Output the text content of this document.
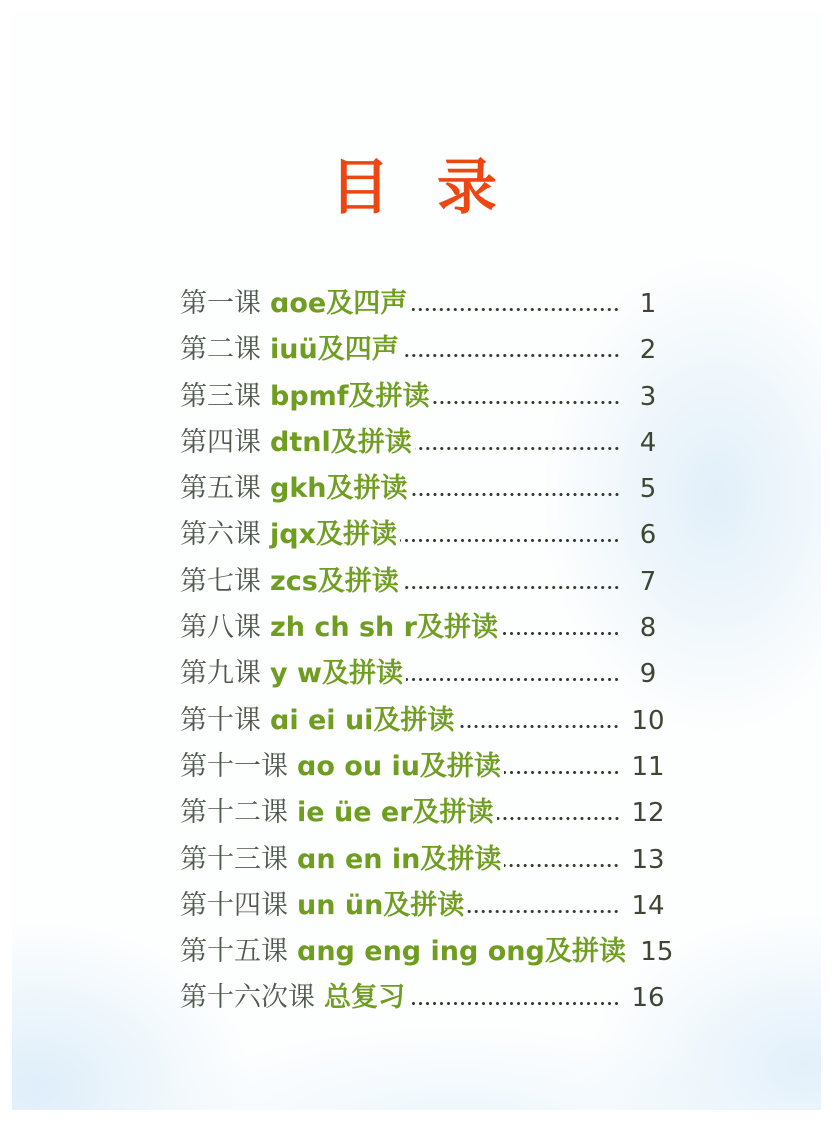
目 录
第一课 ɑoe及四声	1
第二课 iuü及四声	2
第三课 bpmf及拼读	3
第四课 dtnl及拼读	4
第五课 gkh及拼读	5
第六课 jqx及拼读	6
第七课 zcs及拼读	7
第八课 zh ch sh r及拼读	8
第九课 y w及拼读	9
第十课 ɑi ei ui及拼读	10
第十一课 ɑo ou iu及拼读	11
第十二课 ie üe er及拼读	12
第十三课 ɑn en in及拼读	13
第十四课 un ün及拼读	14
第十五课 ɑng eng ing ong及拼读 15
第十六次课 总复习	16
